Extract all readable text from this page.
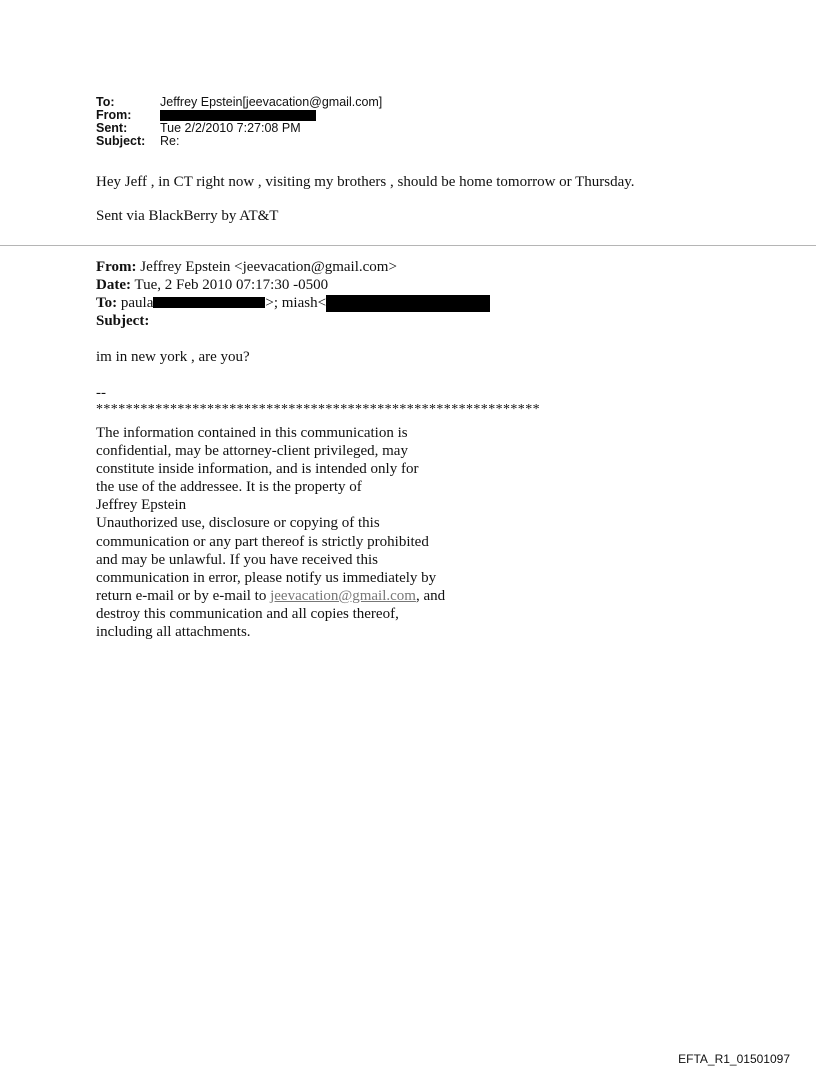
To:	Jeffrey Epstein[jeevacation@gmail.com]
From:
Sent:	Tue 2/2/2010 7:27:08 PM
Subject:	Re:
Hey Jeff , in CT right now , visiting my brothers , should be home tomorrow or Thursday.
Sent via BlackBerry by AT&T
From: Jeffrey Epstein <jeevacation@gmail.com>
Date: Tue, 2 Feb 2010 07:17:30 -0500
To: paula	>; miash<
Subject:
im in new york , are you?
--
************************************************************
The information contained in this communication is
confidential, may be attorney-client privileged, may
constitute inside information, and is intended only for
the use of the addressee. It is the property of
Jeffrey Epstein
Unauthorized use, disclosure or copying of this
communication or any part thereof is strictly prohibited
and may be unlawful. If you have received this
communication in error, please notify us immediately by
return e-mail or by e-mail to jeevacation@gmail.com, and
destroy this communication and all copies thereof,
including all attachments.
EFTA_R1_01501097
